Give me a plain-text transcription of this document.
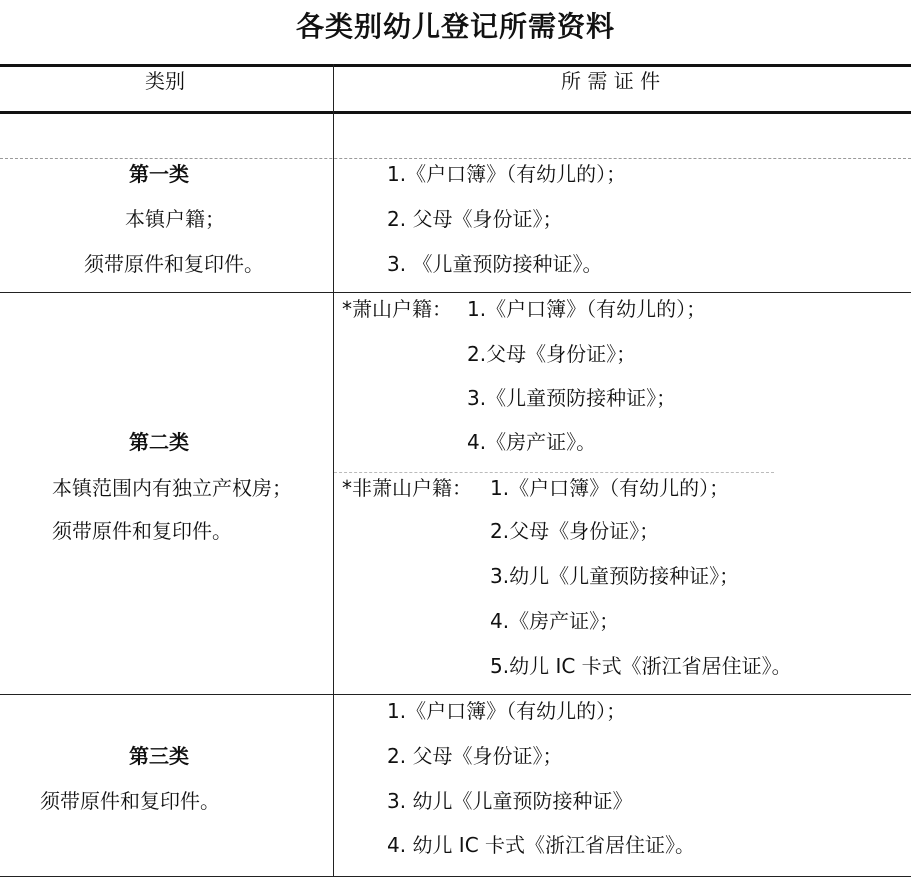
各类别幼儿登记所需资料
类别	所 需 证 件
第一类
本镇户籍；
须带原件和复印件。
1.《户口簿》（有幼儿的）；
2. 父母《身份证》；
3. 《儿童预防接种证》。
第二类
本镇范围内有独立产权房；
须带原件和复印件。
*萧山户籍： 1.《户口簿》（有幼儿的）；
2.父母《身份证》；
3.《儿童预防接种证》；
4.《房产证》。
*非萧山户籍： 1.《户口簿》（有幼儿的）；
2.父母《身份证》；
3.幼儿《儿童预防接种证》；
4.《房产证》；
5.幼儿 IC 卡式《浙江省居住证》。
第三类
须带原件和复印件。
1.《户口簿》（有幼儿的）；
2. 父母《身份证》；
3. 幼儿《儿童预防接种证》
4. 幼儿 IC 卡式《浙江省居住证》。
